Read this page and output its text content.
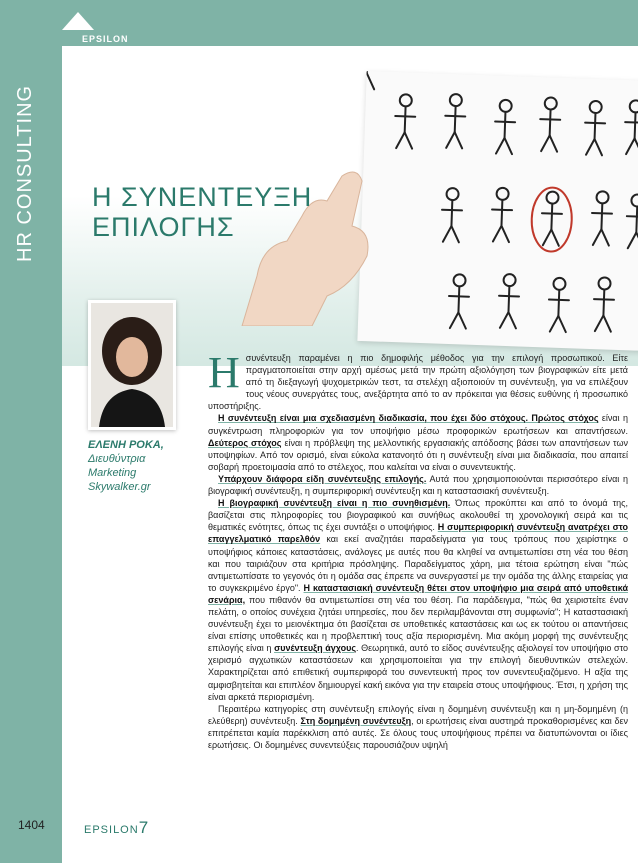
EPSILON
HR CONSULTING Η ΣΥΝΕΝΤΕΥΞΗ
ΕΠΙΛΟΓΗΣ
ΕΛΕΝΗ ΡΟΚΑ,
Διευθύντρια
Marketing
Skywalker.gr

Ησυνέντευξη παραμένει η πιο δημοφιλής μέθοδος για την επιλογή προσωπικού. Είτε πραγματοποιείται στην αρχή αμέσως μετά την πρώτη αξιολόγηση των βιογραφικών είτε μετά από τη διεξαγωγή ψυχομετρικών τεστ, τα στελέχη αξιοποιούν τη συνέντευξη, για να επιλέξουν τους νέους συνεργάτες τους, ανεξάρτητα από το αν πρόκειται για θέσεις ευθύνης ή προσωπικό υποστήριξης.

Η συνέντευξη είναι μια σχεδιασμένη διαδικασία, που έχει δύο στόχους. Πρώτος στόχος είναι η συγκέντρωση πληροφοριών για τον υποψήφιο μέσω προφορικών ερωτήσεων και απαντήσεων. Δεύτερος στόχος είναι η πρόβλεψη της μελλοντικής εργασιακής απόδοσης βάσει των απαντήσεων των υποψηφίων. Από τον ορισμό, είναι εύκολα κατανοητό ότι η συνέντευξη είναι μια διαδικασία, που απαιτεί σοβαρή προετοιμασία από το στέλεχος, που καλείται να είναι ο συνεντευκτής.

Υπάρχουν διάφορα είδη συνέντευξης επιλογής. Αυτά που χρησιμοποιούνται περισσότερο είναι η βιογραφική συνέντευξη, η συμπεριφορική συνέντευξη και η καταστασιακή συνέντευξη.

Η βιογραφική συνέντευξη είναι η πιο συνηθισμένη. Όπως προκύπτει και από το όνομά της, βασίζεται στις πληροφορίες του βιογραφικού και συνήθως ακολουθεί τη χρονολογική σειρά και τις θεματικές ενότητες, όπως τις έχει συντάξει ο υποψήφιος. Η συμπεριφορική συνέντευξη ανατρέχει στο επαγγελματικό παρελθόν και εκεί αναζητάει παραδείγματα για τους τρόπους που χειρίστηκε ο υποψήφιος κάποιες καταστάσεις, ανάλογες με αυτές που θα κληθεί να αντιμετωπίσει στη νέα του θέση και που ταιριάζουν στα κριτήρια πρόσληψης. Παραδείγματος χάρη, μια τέτοια ερώτηση είναι "πώς αντιμετωπίσατε το γεγονός ότι η ομάδα σας έπρεπε να συνεργαστεί με την ομάδα της άλλης εταιρείας για το συγκεκριμένο έργο". Η καταστασιακή συνέντευξη θέτει στον υποψήφιο μια σειρά από υποθετικά σενάρια, που πιθανόν θα αντιμετωπίσει στη νέα του θέση. Για παράδειγμα, "πώς θα χειριστείτε έναν πελάτη, ο οποίος συνέχεια ζητάει υπηρεσίες, που δεν περιλαμβάνονται στη συμφωνία"; Η καταστασιακή συνέντευξη έχει το μειονέκτημα ότι βασίζεται σε υποθετικές καταστάσεις και ως εκ τούτου οι απαντήσεις είναι επίσης υποθετικές και η προβλεπτική τους αξία περιορισμένη. Μια ακόμη μορφή της συνέντευξης επιλογής είναι η συνέντευξη άγχους. Θεωρητικά, αυτό το είδος συνέντευξης αξιολογεί τον υποψήφιο στο χειρισμό αγχωτικών καταστάσεων και χρησιμοποιείται για την επιλογή διευθυντικών στελεχών. Χαρακτηρίζεται από επιθετική συμπεριφορά του συνεντευκτή προς τον συνεντευξιαζόμενο. Η αξία της αμφισβητείται και επιπλέον δημιουργεί κακή εικόνα για την εταιρεία στους υποψήφιους. Έτσι, η χρήση της είναι αρκετά περιορισμένη.

Περαιτέρω κατηγορίες στη συνέντευξη επιλογής είναι η δομημένη συνέντευξη και η μη-δομημένη (η ελεύθερη) συνέντευξη. Στη δομημένη συνέντευξη, οι ερωτήσεις είναι αυστηρά προκαθορισμένες και δεν επιτρέπεται καμία παρέκκλιση από αυτές. Σε όλους τους υποψήφιους πρέπει να διατυπώνονται οι ίδιες ερωτήσεις. Οι δομημένες συνεντεύξεις παρουσιάζουν υψηλή

1404	EPSILON7
